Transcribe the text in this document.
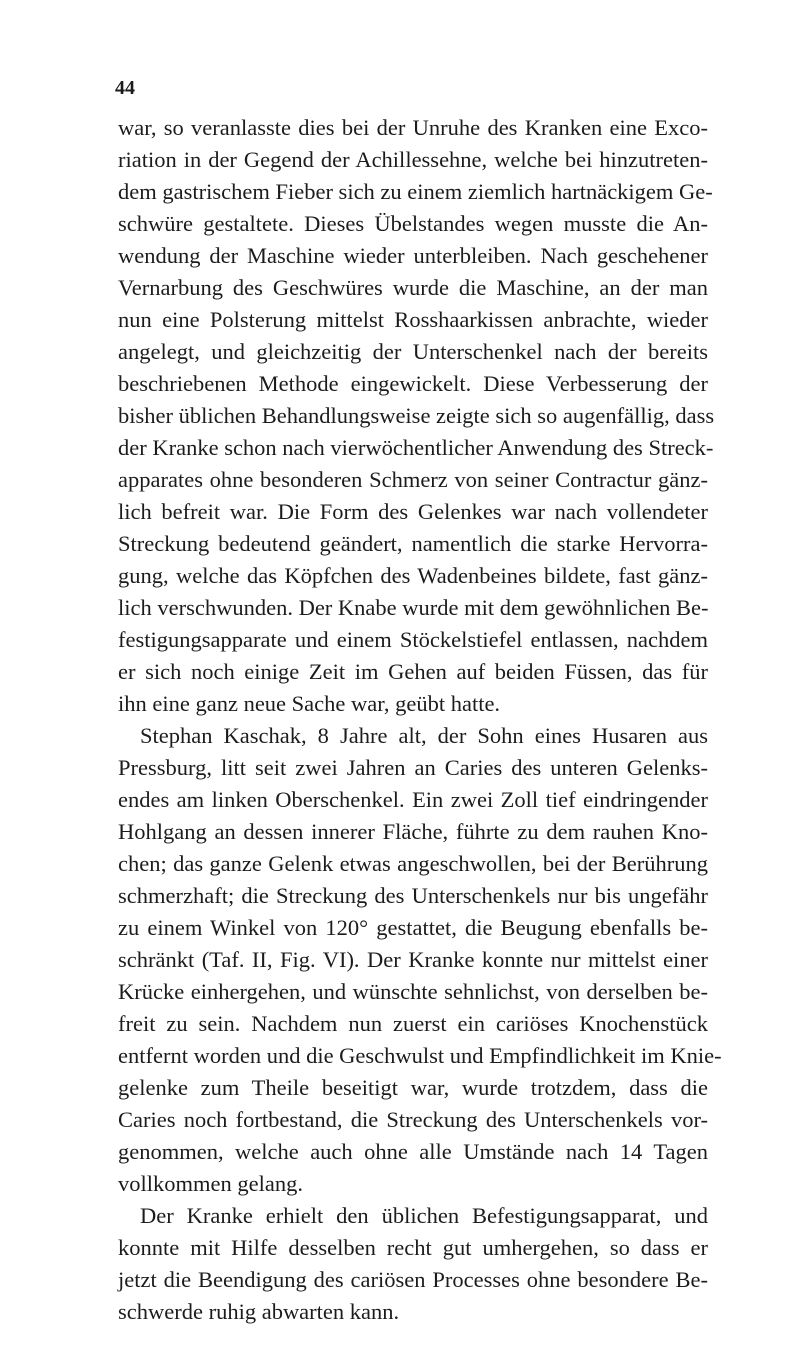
44

war, so veranlasste dies bei der Unruhe des Kranken eine Exco-
riation in der Gegend der Achillessehne, welche bei hinzutreten-
dem gastrischem Fieber sich zu einem ziemlich hartnäckigem Ge-
schwüre gestaltete. Dieses Übelstandes wegen musste die An-
wendung der Maschine wieder unterbleiben. Nach geschehener
Vernarbung des Geschwüres wurde die Maschine, an der man
nun eine Polsterung mittelst Rosshaarkissen anbrachte, wieder
angelegt, und gleichzeitig der Unterschenkel nach der bereits
beschriebenen Methode eingewickelt. Diese Verbesserung der
bisher üblichen Behandlungsweise zeigte sich so augenfällig, dass
der Kranke schon nach vierwöchentlicher Anwendung des Streck-
apparates ohne besonderen Schmerz von seiner Contractur gänz-
lich befreit war. Die Form des Gelenkes war nach vollendeter
Streckung bedeutend geändert, namentlich die starke Hervorra-
gung, welche das Köpfchen des Wadenbeines bildete, fast gänz-
lich verschwunden. Der Knabe wurde mit dem gewöhnlichen Be-
festigungsapparate und einem Stöckelstiefel entlassen, nachdem
er sich noch einige Zeit im Gehen auf beiden Füssen, das für
ihn eine ganz neue Sache war, geübt hatte.
Stephan Kaschak, 8 Jahre alt, der Sohn eines Husaren aus
Pressburg, litt seit zwei Jahren an Caries des unteren Gelenks-
endes am linken Oberschenkel. Ein zwei Zoll tief eindringender
Hohlgang an dessen innerer Fläche, führte zu dem rauhen Kno-
chen; das ganze Gelenk etwas angeschwollen, bei der Berührung
schmerzhaft; die Streckung des Unterschenkels nur bis ungefähr
zu einem Winkel von 120° gestattet, die Beugung ebenfalls be-
schränkt (Taf. II, Fig. VI). Der Kranke konnte nur mittelst einer
Krücke einhergehen, und wünschte sehnlichst, von derselben be-
freit zu sein. Nachdem nun zuerst ein cariöses Knochenstück
entfernt worden und die Geschwulst und Empfindlichkeit im Knie-
gelenke zum Theile beseitigt war, wurde trotzdem, dass die
Caries noch fortbestand, die Streckung des Unterschenkels vor-
genommen, welche auch ohne alle Umstände nach 14 Tagen
vollkommen gelang.
Der Kranke erhielt den üblichen Befestigungsapparat, und
konnte mit Hilfe desselben recht gut umhergehen, so dass er
jetzt die Beendigung des cariösen Processes ohne besondere Be-
schwerde ruhig abwarten kann.
